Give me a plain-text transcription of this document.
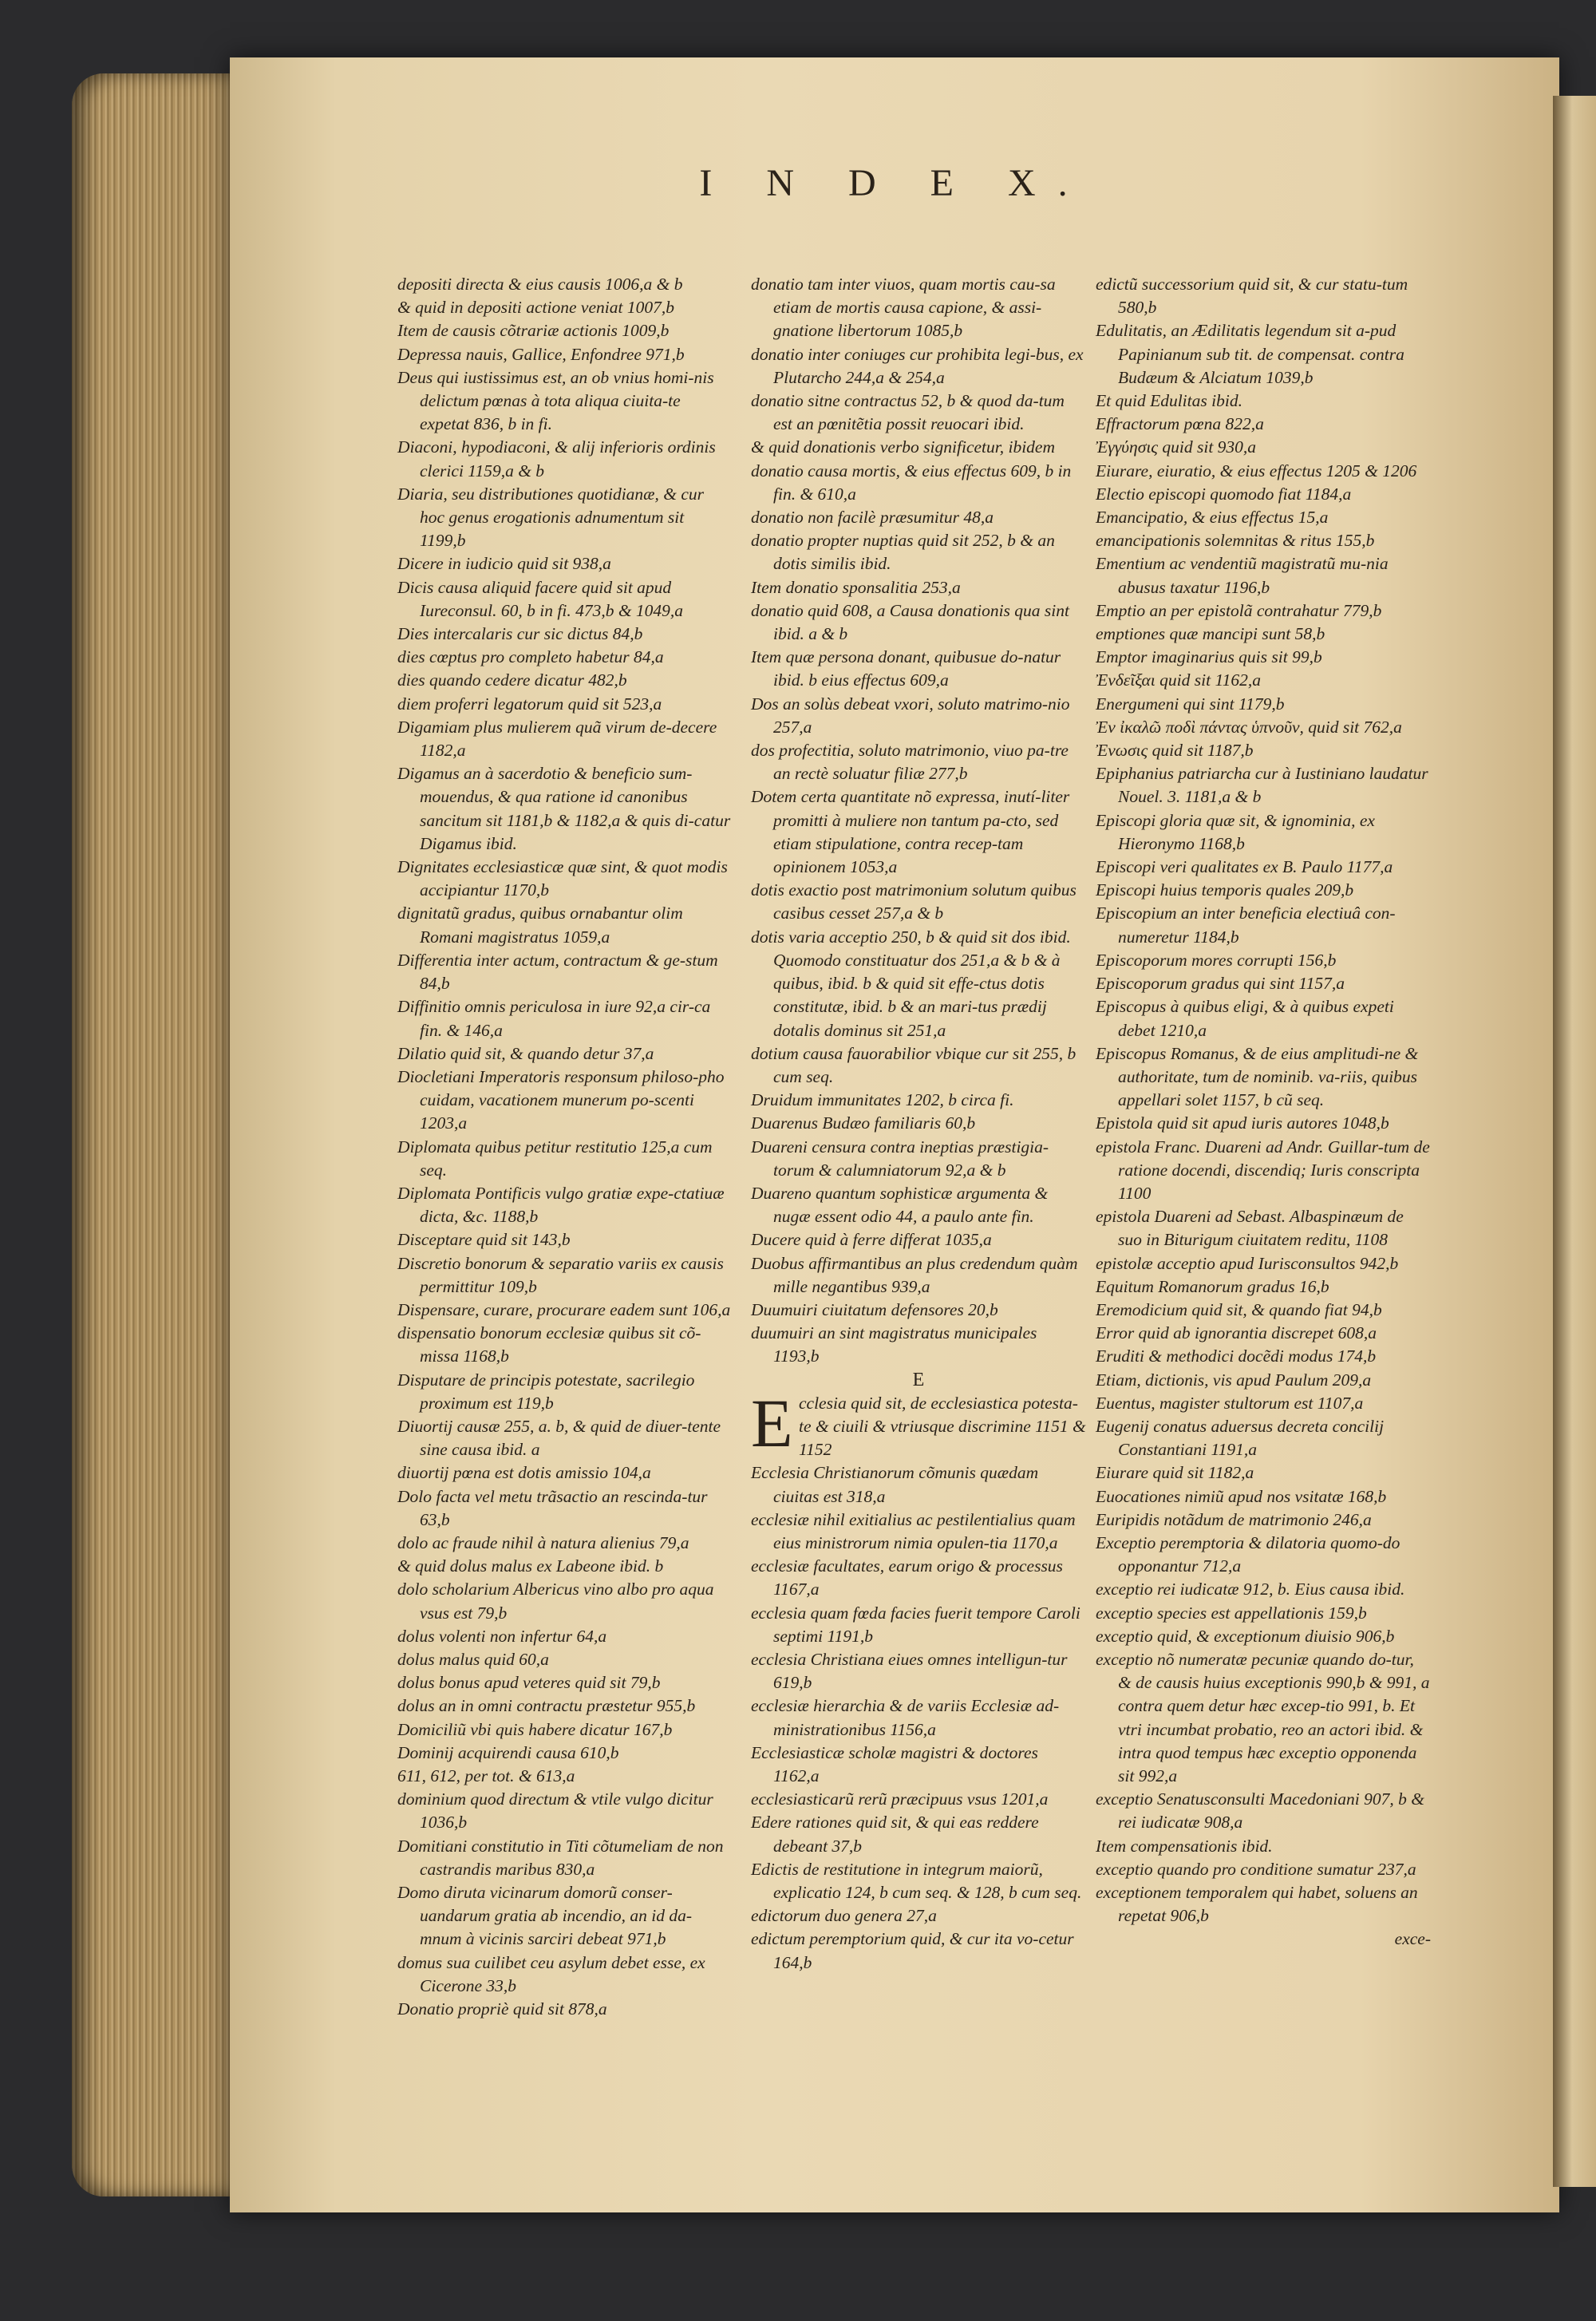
I N D E X.

depositi directa & eius causis 1006,a & b

& quid in depositi actione veniat 1007,b

Item de causis cõtrariæ actionis 1009,b

Depressa nauis, Gallice, Enfondree 971,b

Deus qui iustissimus est, an ob vnius homi-nis delictum pœnas à tota aliqua ciuita-te expetat 836, b in fi.

Diaconi, hypodiaconi, & alij inferioris ordinis clerici 1159,a & b

Diaria, seu distributiones quotidianæ, & cur hoc genus erogationis adnumentum sit 1199,b

Dicere in iudicio quid sit 938,a

Dicis causa aliquid facere quid sit apud Iureconsul. 60, b in fi. 473,b & 1049,a

Dies intercalaris cur sic dictus 84,b

dies cœptus pro completo habetur 84,a

dies quando cedere dicatur 482,b

diem proferri legatorum quid sit 523,a

Digamiam plus mulierem quã virum de-decere 1182,a

Digamus an à sacerdotio & beneficio sum-mouendus, & qua ratione id canonibus sancitum sit 1181,b & 1182,a & quis di-catur Digamus ibid.

Dignitates ecclesiasticæ quæ sint, & quot modis accipiantur 1170,b

dignitatũ gradus, quibus ornabantur olim Romani magistratus 1059,a

Differentia inter actum, contractum & ge-stum 84,b

Diffinitio omnis periculosa in iure 92,a cir-ca fin. & 146,a

Dilatio quid sit, & quando detur 37,a

Diocletiani Imperatoris responsum philoso-pho cuidam, vacationem munerum po-scenti 1203,a

Diplomata quibus petitur restitutio 125,a cum seq.

Diplomata Pontificis vulgo gratiæ expe-ctatiuæ dicta, &c. 1188,b

Disceptare quid sit 143,b

Discretio bonorum & separatio variis ex causis permittitur 109,b

Dispensare, curare, procurare eadem sunt 106,a

dispensatio bonorum ecclesiæ quibus sit cõ-missa 1168,b

Disputare de principis potestate, sacrilegio proximum est 119,b

Diuortij causæ 255, a. b, & quid de diuer-tente sine causa ibid. a

diuortij pœna est dotis amissio 104,a

Dolo facta vel metu trãsactio an rescinda-tur 63,b

dolo ac fraude nihil à natura alienius 79,a

& quid dolus malus ex Labeone ibid. b

dolo scholarium Albericus vino albo pro aqua vsus est 79,b

dolus volenti non infertur 64,a

dolus malus quid 60,a

dolus bonus apud veteres quid sit 79,b

dolus an in omni contractu præstetur 955,b

Domiciliũ vbi quis habere dicatur 167,b

Dominij acquirendi causa 610,b

611, 612, per tot. & 613,a

dominium quod directum & vtile vulgo dicitur 1036,b

Domitiani constitutio in Titi cõtumeliam de non castrandis maribus 830,a

Domo diruta vicinarum domorũ conser-uandarum gratia ab incendio, an id da-mnum à vicinis sarciri debeat 971,b

domus sua cuilibet ceu asylum debet esse, ex Cicerone 33,b

Donatio propriè quid sit 878,a

donatio tam inter viuos, quam mortis cau-sa etiam de mortis causa capione, & assi-gnatione libertorum 1085,b

donatio inter coniuges cur prohibita legi-bus, ex Plutarcho 244,a & 254,a

donatio sitne contractus 52, b & quod da-tum est an pœnitẽtia possit reuocari ibid.

& quid donationis verbo significetur, ibidem

donatio causa mortis, & eius effectus 609, b in fin. & 610,a

donatio non facilè præsumitur 48,a

donatio propter nuptias quid sit 252, b & an dotis similis ibid.

Item donatio sponsalitia 253,a

donatio quid 608, a Causa donationis qua sint ibid. a & b

Item quæ persona donant, quibusue do-natur ibid. b eius effectus 609,a

Dos an solùs debeat vxori, soluto matrimo-nio 257,a

dos profectitia, soluto matrimonio, viuo pa-tre an rectè soluatur filiæ 277,b

Dotem certa quantitate nõ expressa, inutí-liter promitti à muliere non tantum pa-cto, sed etiam stipulatione, contra recep-tam opinionem 1053,a

dotis exactio post matrimonium solutum quibus casibus cesset 257,a & b

dotis varia acceptio 250, b & quid sit dos ibid. Quomodo constituatur dos 251,a & b & à quibus, ibid. b & quid sit effe-ctus dotis constitutæ, ibid. b & an mari-tus prædij dotalis dominus sit 251,a

dotium causa fauorabilior vbique cur sit 255, b cum seq.

Druidum immunitates 1202, b circa fi.

Duarenus Budæo familiaris 60,b

Duareni censura contra ineptias præstigia-torum & calumniatorum 92,a & b

Duareno quantum sophisticæ argumenta & nugæ essent odio 44, a paulo ante fin.

Ducere quid à ferre differat 1035,a

Duobus affirmantibus an plus credendum quàm mille negantibus 939,a

Duumuiri ciuitatum defensores 20,b

duumuiri an sint magistratus municipales 1193,b

E

E cclesia quid sit, de ecclesiastica potesta-te & ciuili & vtriusque discrimine 1151 & 1152

Ecclesia Christianorum cõmunis quædam ciuitas est 318,a

ecclesiæ nihil exitialius ac pestilentialius quam eius ministrorum nimia opulen-tia 1170,a

ecclesiæ facultates, earum origo & processus 1167,a

ecclesia quam fœda facies fuerit tempore Caroli septimi 1191,b

ecclesia Christiana eiues omnes intelligun-tur 619,b

ecclesiæ hierarchia & de variis Ecclesiæ ad-ministrationibus 1156,a

Ecclesiasticæ scholæ magistri & doctores 1162,a

ecclesiasticarũ rerũ præcipuus vsus 1201,a

Edere rationes quid sit, & qui eas reddere debeant 37,b

Edictis de restitutione in integrum maiorũ, explicatio 124, b cum seq. & 128, b cum seq.

edictorum duo genera 27,a

edictum peremptorium quid, & cur ita vo-cetur 164,b

edictũ successorium quid sit, & cur statu-tum 580,b

Edulitatis, an Ædilitatis legendum sit a-pud Papinianum sub tit. de compensat. contra Budæum & Alciatum 1039,b

Et quid Edulitas ibid.

Effractorum pœna 822,a

Ἐγγύησις quid sit 930,a

Eiurare, eiuratio, & eius effectus 1205 & 1206

Electio episcopi quomodo fiat 1184,a

Emancipatio, & eius effectus 15,a

emancipationis solemnitas & ritus 155,b

Ementium ac vendentiũ magistratũ mu-nia abusus taxatur 1196,b

Emptio an per epistolã contrahatur 779,b

emptiones quæ mancipi sunt 58,b

Emptor imaginarius quis sit 99,b

Ἐνδεῖξαι quid sit 1162,a

Energumeni qui sint 1179,b

Ἐν ἰκαλῶ ποδὶ πάντας ὑπνοῦν, quid sit 762,a

Ἐνωσις quid sit 1187,b

Epiphanius patriarcha cur à Iustiniano laudatur Nouel. 3. 1181,a & b

Episcopi gloria quæ sit, & ignominia, ex Hieronymo 1168,b

Episcopi veri qualitates ex B. Paulo 1177,a

Episcopi huius temporis quales 209,b

Episcopium an inter beneficia electiuâ con-numeretur 1184,b

Episcoporum mores corrupti 156,b

Episcoporum gradus qui sint 1157,a

Episcopus à quibus eligi, & à quibus expeti debet 1210,a

Episcopus Romanus, & de eius amplitudi-ne & authoritate, tum de nominib. va-riis, quibus appellari solet 1157, b cũ seq.

Epistola quid sit apud iuris autores 1048,b

epistola Franc. Duareni ad Andr. Guillar-tum de ratione docendi, discendiq; Iuris conscripta 1100

epistola Duareni ad Sebast. Albaspinæum de suo in Biturigum ciuitatem reditu, 1108

epistolæ acceptio apud Iurisconsultos 942,b

Equitum Romanorum gradus 16,b

Eremodicium quid sit, & quando fiat 94,b

Error quid ab ignorantia discrepet 608,a

Eruditi & methodici docẽdi modus 174,b

Etiam, dictionis, vis apud Paulum 209,a

Euentus, magister stultorum est 1107,a

Eugenij conatus aduersus decreta concilij Constantiani 1191,a

Eiurare quid sit 1182,a

Euocationes nimiũ apud nos vsitatæ 168,b

Euripidis notãdum de matrimonio 246,a

Exceptio peremptoria & dilatoria quomo-do opponantur 712,a

exceptio rei iudicatæ 912, b. Eius causa ibid.

exceptio species est appellationis 159,b

exceptio quid, & exceptionum diuisio 906,b

exceptio nõ numeratæ pecuniæ quando do-tur, & de causis huius exceptionis 990,b & 991, a contra quem detur hæc excep-tio 991, b. Et vtri incumbat probatio, reo an actori ibid. & intra quod tempus hæc exceptio opponenda sit 992,a

exceptio Senatusconsulti Macedoniani 907, b & rei iudicatæ 908,a

Item compensationis ibid.

exceptio quando pro conditione sumatur 237,a

exceptionem temporalem qui habet, soluens an repetat 906,b

exce-
